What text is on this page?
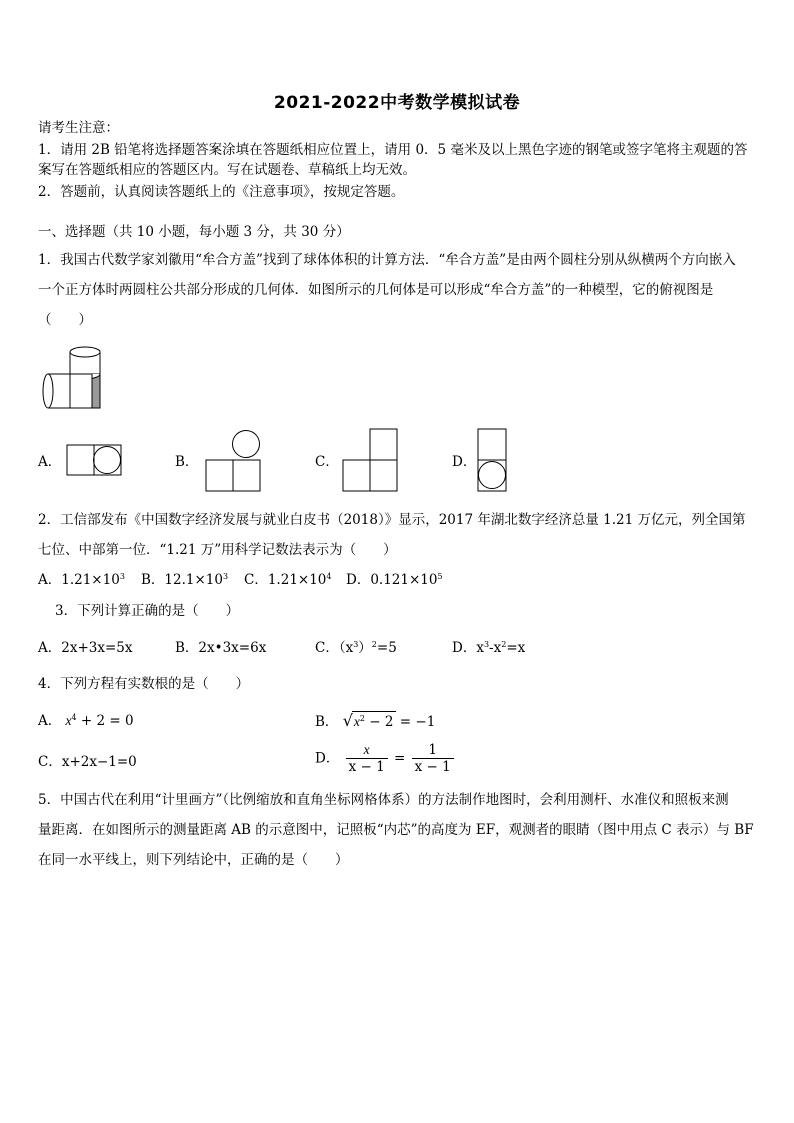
2021-2022中考数学模拟试卷
请考生注意：
1．请用 2B 铅笔将选择题答案涂填在答题纸相应位置上，请用 0．5 毫米及以上黑色字迹的钢笔或签字笔将主观题的答
案写在答题纸相应的答题区内。写在试题卷、草稿纸上均无效。
2．答题前，认真阅读答题纸上的《注意事项》，按规定答题。
一、选择题（共 10 小题，每小题 3 分，共 30 分）
1．我国古代数学家刘徽用“牟合方盖”找到了球体体积的计算方法．“牟合方盖”是由两个圆柱分别从纵横两个方向嵌入
一个正方体时两圆柱公共部分形成的几何体．如图所示的几何体是可以形成“牟合方盖”的一种模型，它的俯视图是
（　　）
A．	B．	C．	D．
2．工信部发布《中国数字经济发展与就业白皮书（2018）》显示，2017 年湖北数字经济总量 1.21 万亿元，列全国第
七位、中部第一位．“1.21 万”用科学记数法表示为（　　）
A．$1.21\times 10^3$ B．$12.1\times 10^3$ C．$1.21\times 10^4$ D．$0.121\times 10^5$
3．下列计算正确的是（　　）
A．2x+3x=5x	B．2x•3x=6x	C．$(x^3)^2=5$	D．$x^3-x^2=x$
4．下列方程有实数根的是（　　）
A． $x^4 + 2 = 0$	B． $√x^2 - 2 = -1$
C．x+2x−1=0	D． $\frac{x}{x - 1} = \frac{1}{x - 1}$
5．中国古代在利用“计里画方”（比例缩放和直角坐标网格体系）的方法制作地图时，会利用测杆、水准仪和照板来测
量距离．在如图所示的测量距离 AB 的示意图中，记照板“内芯”的高度为 EF，观测者的眼睛（图中用点 C 表示）与 BF
在同一水平线上，则下列结论中，正确的是（　　）
